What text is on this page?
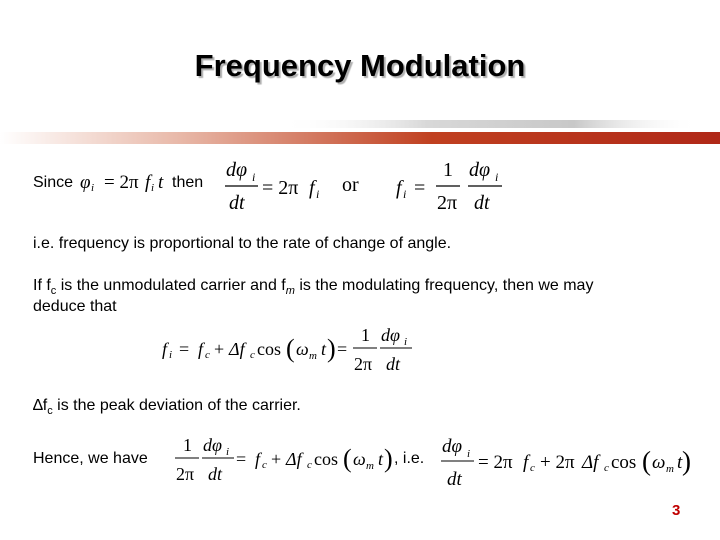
Frequency Modulation
Since φ i = 2π f i t then
dφ i
dt
= 2π f i or f i =
1
2π
dφ i
dt
i.e. frequency is proportional to the rate of change of angle.
If $f_c$ is the unmodulated carrier and $f_m$ is the modulating frequency, then we may
deduce that
f i = f c + Δf c cos ( ω m t ) =
1
2π
dφ i
dt
$\Delta f_c$ is the peak deviation of the carrier.
Hence, we have
1
2π
dφ i
dt
= f c + Δf c cos ( ω m t ) , i.e.
dφ i
dt
= 2π f c + 2π Δf c cos ( ω m t )
3
